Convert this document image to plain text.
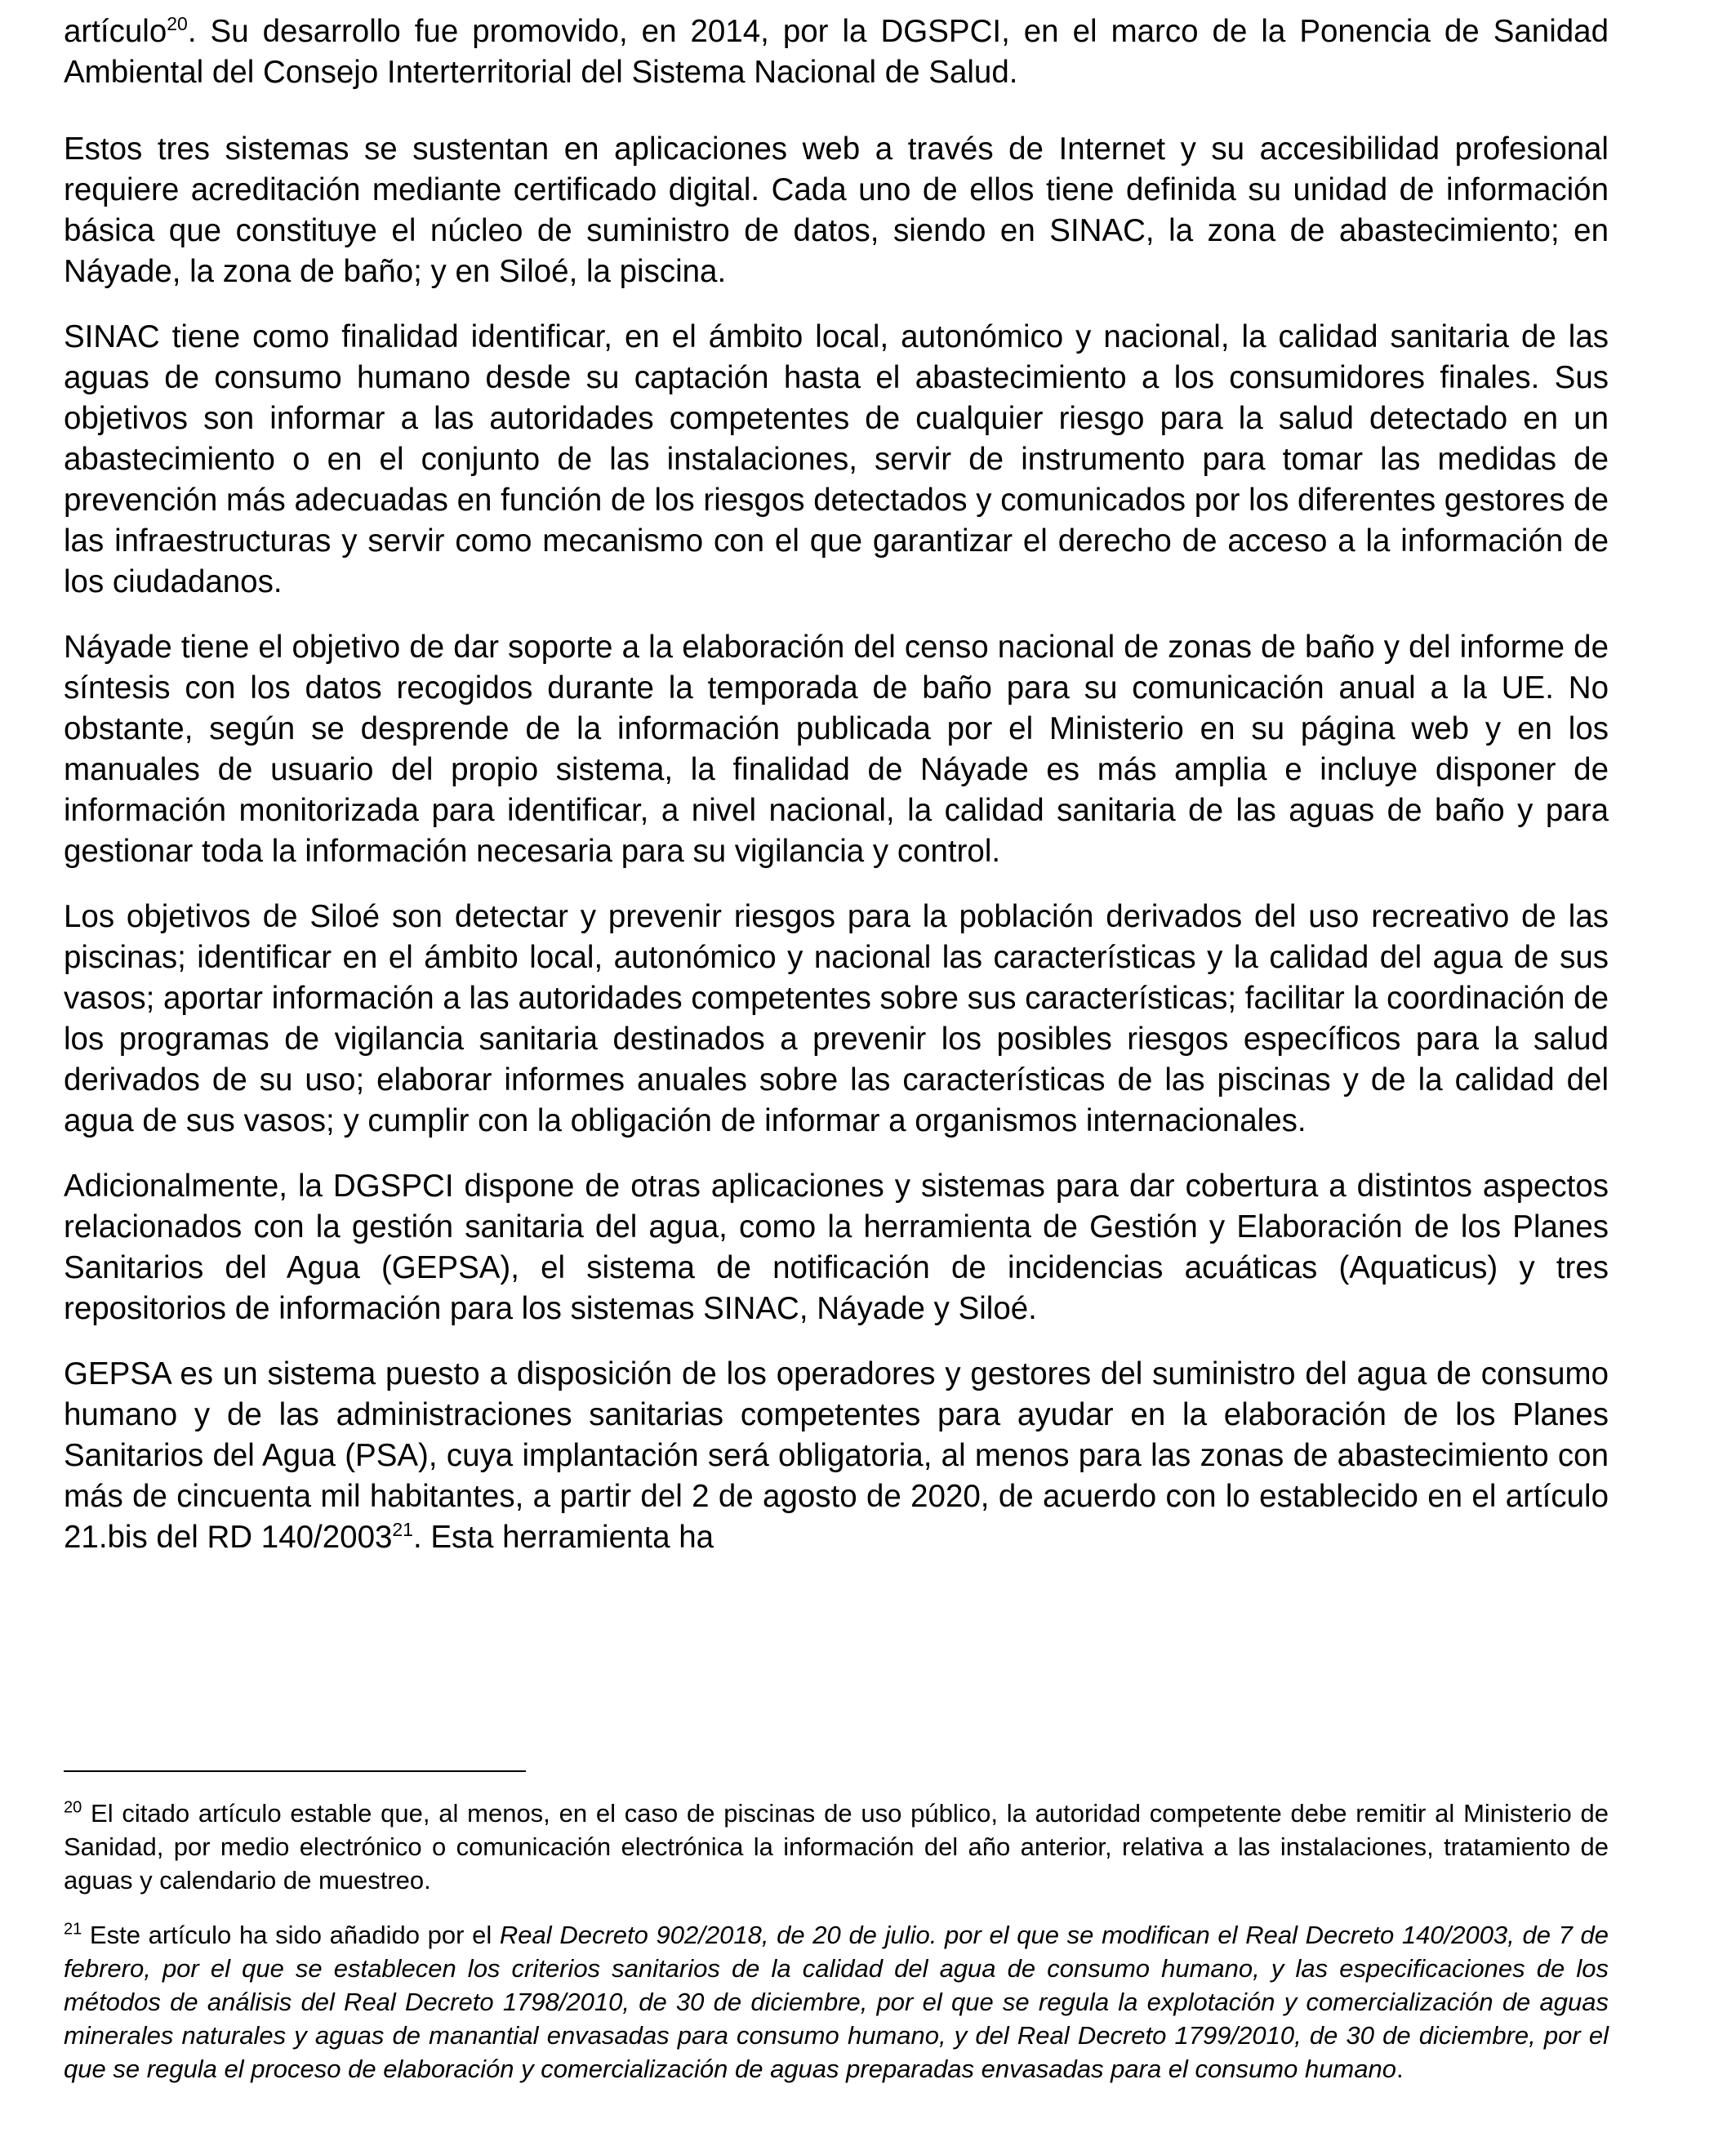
artículo$^{20}$. Su desarrollo fue promovido, en 2014, por la DGSPCI, en el marco de la Ponencia de Sanidad Ambiental del Consejo Interterritorial del Sistema Nacional de Salud.

Estos tres sistemas se sustentan en aplicaciones web a través de Internet y su accesibilidad profesional requiere acreditación mediante certificado digital. Cada uno de ellos tiene definida su unidad de información básica que constituye el núcleo de suministro de datos, siendo en SINAC, la zona de abastecimiento; en Náyade, la zona de baño; y en Siloé, la piscina.

SINAC tiene como finalidad identificar, en el ámbito local, autonómico y nacional, la calidad sanitaria de las aguas de consumo humano desde su captación hasta el abastecimiento a los consumidores finales. Sus objetivos son informar a las autoridades competentes de cualquier riesgo para la salud detectado en un abastecimiento o en el conjunto de las instalaciones, servir de instrumento para tomar las medidas de prevención más adecuadas en función de los riesgos detectados y comunicados por los diferentes gestores de las infraestructuras y servir como mecanismo con el que garantizar el derecho de acceso a la información de los ciudadanos.

Náyade tiene el objetivo de dar soporte a la elaboración del censo nacional de zonas de baño y del informe de síntesis con los datos recogidos durante la temporada de baño para su comunicación anual a la UE. No obstante, según se desprende de la información publicada por el Ministerio en su página web y en los manuales de usuario del propio sistema, la finalidad de Náyade es más amplia e incluye disponer de información monitorizada para identificar, a nivel nacional, la calidad sanitaria de las aguas de baño y para gestionar toda la información necesaria para su vigilancia y control.

Los objetivos de Siloé son detectar y prevenir riesgos para la población derivados del uso recreativo de las piscinas; identificar en el ámbito local, autonómico y nacional las características y la calidad del agua de sus vasos; aportar información a las autoridades competentes sobre sus características; facilitar la coordinación de los programas de vigilancia sanitaria destinados a prevenir los posibles riesgos específicos para la salud derivados de su uso; elaborar informes anuales sobre las características de las piscinas y de la calidad del agua de sus vasos; y cumplir con la obligación de informar a organismos internacionales.

Adicionalmente, la DGSPCI dispone de otras aplicaciones y sistemas para dar cobertura a distintos aspectos relacionados con la gestión sanitaria del agua, como la herramienta de Gestión y Elaboración de los Planes Sanitarios del Agua (GEPSA), el sistema de notificación de incidencias acuáticas (Aquaticus) y tres repositorios de información para los sistemas SINAC, Náyade y Siloé.

GEPSA es un sistema puesto a disposición de los operadores y gestores del suministro del agua de consumo humano y de las administraciones sanitarias competentes para ayudar en la elaboración de los Planes Sanitarios del Agua (PSA), cuya implantación será obligatoria, al menos para las zonas de abastecimiento con más de cincuenta mil habitantes, a partir del 2 de agosto de 2020, de acuerdo con lo establecido en el artículo 21.bis del RD 140/2003$^{21}$. Esta herramienta ha

$^{20}$ El citado artículo estable que, al menos, en el caso de piscinas de uso público, la autoridad competente debe remitir al Ministerio de Sanidad, por medio electrónico o comunicación electrónica la información del año anterior, relativa a las instalaciones, tratamiento de aguas y calendario de muestreo.

$^{21}$ Este artículo ha sido añadido por el Real Decreto 902/2018, de 20 de julio. por el que se modifican el Real Decreto 140/2003, de 7 de febrero, por el que se establecen los criterios sanitarios de la calidad del agua de consumo humano, y las especificaciones de los métodos de análisis del Real Decreto 1798/2010, de 30 de diciembre, por el que se regula la explotación y comercialización de aguas minerales naturales y aguas de manantial envasadas para consumo humano, y del Real Decreto 1799/2010, de 30 de diciembre, por el que se regula el proceso de elaboración y comercialización de aguas preparadas envasadas para el consumo humano.
